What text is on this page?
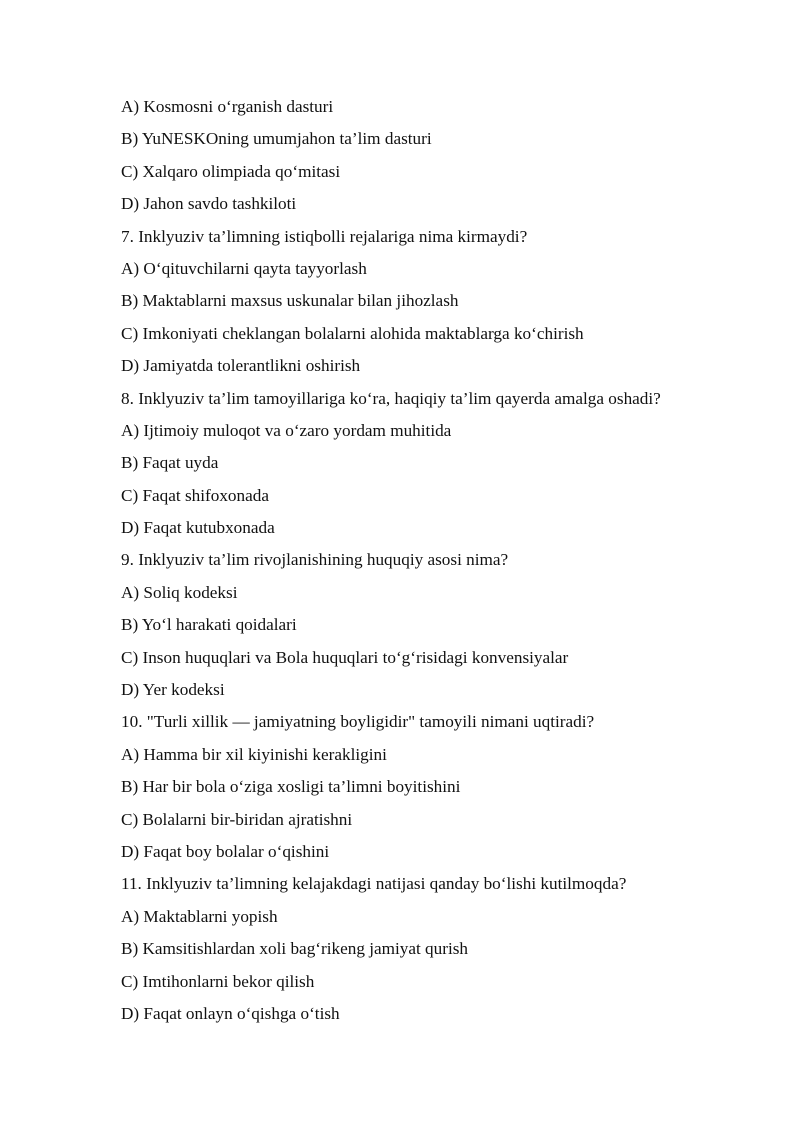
A) Kosmosni o‘rganish dasturi
B) YuNESKOning umumjahon ta’lim dasturi
C) Xalqaro olimpiada qo‘mitasi
D) Jahon savdo tashkiloti
7. Inklyuziv ta’limning istiqbolli rejalariga nima kirmaydi?
A) O‘qituvchilarni qayta tayyorlash
B) Maktablarni maxsus uskunalar bilan jihozlash
C) Imkoniyati cheklangan bolalarni alohida maktablarga ko‘chirish
D) Jamiyatda tolerantlikni oshirish
8. Inklyuziv ta’lim tamoyillariga ko‘ra, haqiqiy ta’lim qayerda amalga oshadi?
A) Ijtimoiy muloqot va o‘zaro yordam muhitida
B) Faqat uyda
C) Faqat shifoxonada
D) Faqat kutubxonada
9. Inklyuziv ta’lim rivojlanishining huquqiy asosi nima?
A) Soliq kodeksi
B) Yo‘l harakati qoidalari
C) Inson huquqlari va Bola huquqlari to‘g‘risidagi konvensiyalar
D) Yer kodeksi
10. "Turli xillik — jamiyatning boyligidir" tamoyili nimani uqtiradi?
A) Hamma bir xil kiyinishi kerakligini
B) Har bir bola o‘ziga xosligi ta’limni boyitishini
C) Bolalarni bir-biridan ajratishni
D) Faqat boy bolalar o‘qishini
11. Inklyuziv ta’limning kelajakdagi natijasi qanday bo‘lishi kutilmoqda?
A) Maktablarni yopish
B) Kamsitishlardan xoli bag‘rikeng jamiyat qurish
C) Imtihonlarni bekor qilish
D) Faqat onlayn o‘qishga o‘tish
